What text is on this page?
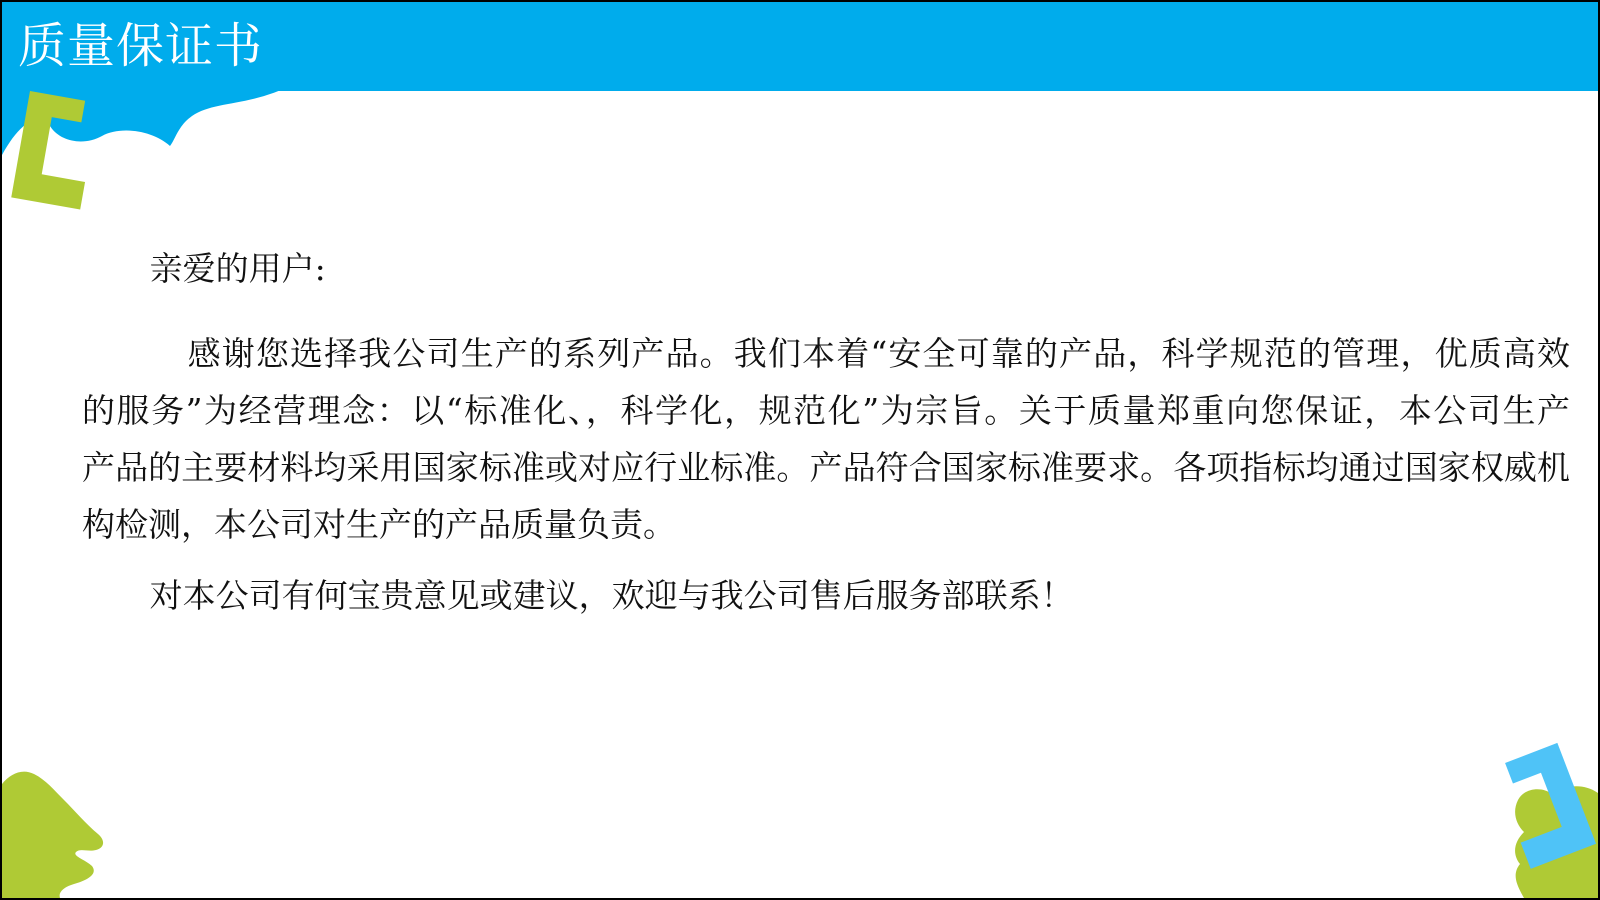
质量保证书

亲爱的用户:

感谢您选择我公司生产的系列产品。我们本着“安全可靠的产品，科学规范的管理，优质高效
的服务”为经营理念：以“标准化、，科学化，规范化”为宗旨。关于质量郑重向您保证，本公司生产
产品的主要材料均采用国家标准或对应行业标准。产品符合国家标准要求。各项指标均通过国家权威机
构检测，本公司对生产的产品质量负责。

对本公司有何宝贵意见或建议，欢迎与我公司售后服务部联系！
